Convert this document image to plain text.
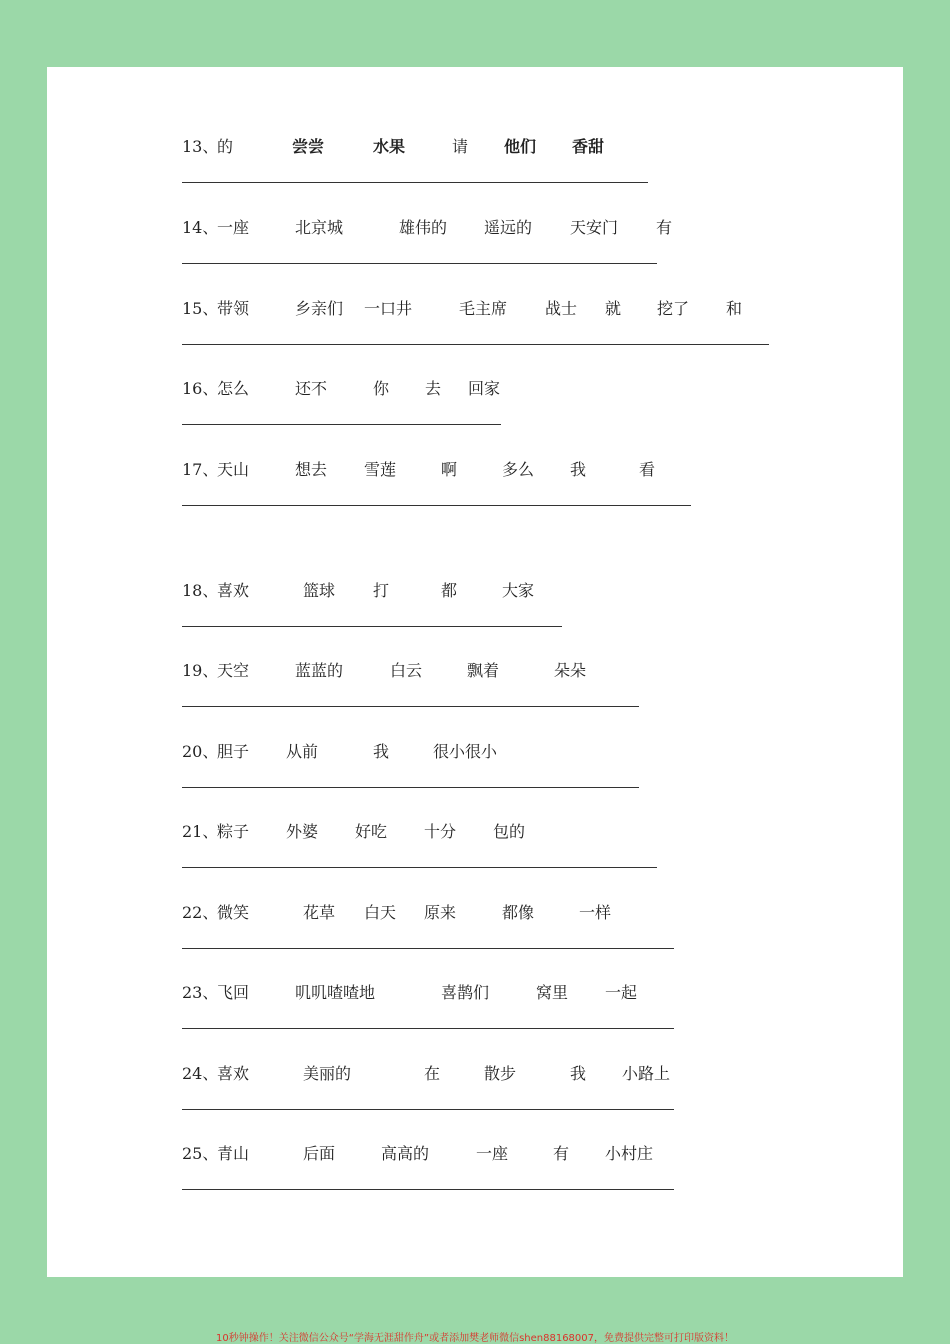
13、
的	尝尝	水果	请 他们 香甜
14、
一座	北京城	雄伟的 遥远的 天安门 有
15、
带领	乡亲们 一口井	毛主席 战士 就 挖了 和
16、
怎么	还不	你 去 回家
17、
天山	想去 雪莲	啊	多么 我	看
18、
喜欢	篮球 打	都	大家
19、
天空	蓝蓝的	白云	飘着	朵朵
20、
胆子 从前	我	很小很小
21、
粽子 外婆 好吃 十分 包的
22、
微笑	花草 白天 原来	都像	一样
23、
飞回	叽叽喳喳地	喜鹊们	窝里 一起
24、
喜欢	美丽的	在	散步	我 小路上
25、
青山	后面	高高的	一座	有 小村庄
10秒钟操作！关注微信公众号“学海无涯甜作舟”或者添加樊老师微信shen88168007，免费提供完整可打印版资料！
